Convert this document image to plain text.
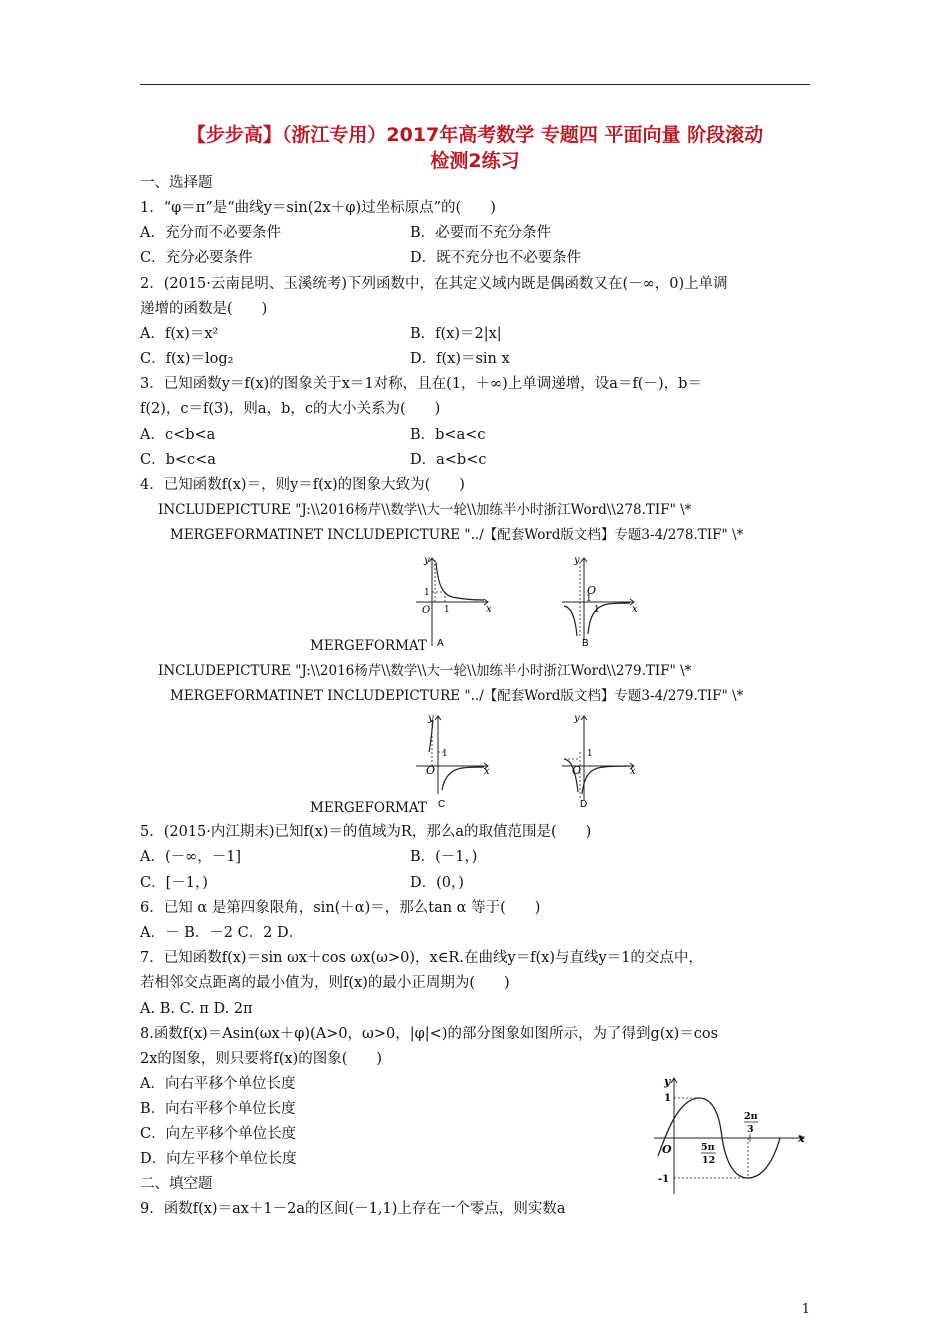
【步步高】（浙江专用）2017年高考数学 专题四 平面向量 阶段滚动
检测2练习
一、选择题
1．“φ＝π”是“曲线y＝sin(2x＋φ)过坐标原点”的(　　)
A．充分而不必要条件	B．必要而不充分条件
C．充分必要条件	D．既不充分也不必要条件
2．(2015·云南昆明、玉溪统考)下列函数中，在其定义域内既是偶函数又在(－∞，0)上单调
递增的函数是(　　)
A．f(x)＝x²	B．f(x)＝2|x|
C．f(x)＝log₂	D．f(x)＝sin x
3．已知函数y＝f(x)的图象关于x＝1对称，且在(1，＋∞)上单调递增，设a＝f(－)，b＝
f(2)，c＝f(3)，则a，b，c的大小关系为(　　)
A．c<b<a	B．b<a<c
C．b<c<a	D．a<b<c
4．已知函数f(x)＝，则y＝f(x)的图象大致为(　　)
INCLUDEPICTURE "J:\\2016杨芹\\数学\\大一轮\\加练半小时浙江Word\\278.TIF" \*
MERGEFORMATINET INCLUDEPICTURE "../【配套Word版文档】专题3-4/278.TIF" \*
y
x
O
1
1
A
y
x
O
1
1
B
MERGEFORMAT
INCLUDEPICTURE "J:\\2016杨芹\\数学\\大一轮\\加练半小时浙江Word\\279.TIF" \*
MERGEFORMATINET INCLUDEPICTURE "../【配套Word版文档】专题3-4/279.TIF" \*
y
x
O
1
C
y
x
O
1
D
MERGEFORMAT
5．(2015·内江期末)已知f(x)＝的值域为R，那么a的取值范围是(　　)
A．(－∞，－1]	B．(－1，)
C．[－1，)	D．(0，)
6．已知 α 是第四象限角，sin(＋α)＝，那么tan α 等于(　　)
A．－ B．－2 C．2 D．
7．已知函数f(x)＝sin ωx＋cos ωx(ω>0)，x∈R.在曲线y＝f(x)与直线y＝1的交点中，
若相邻交点距离的最小值为，则f(x)的最小正周期为(　　)
A. B. C. π D. 2π
8.函数f(x)＝Asin(ωx＋φ)(A>0，ω>0，|φ|<)的部分图象如图所示，为了得到g(x)＝cos
2x的图象，则只要将f(x)的图象(　　)
A．向右平移个单位长度
B．向右平移个单位长度
C．向左平移个单位长度
D．向左平移个单位长度
y
x
O
1
-1
5π
12
2π
3
二、填空题
9．函数f(x)＝ax＋1－2a的区间(－1,1)上存在一个零点，则实数a
1
